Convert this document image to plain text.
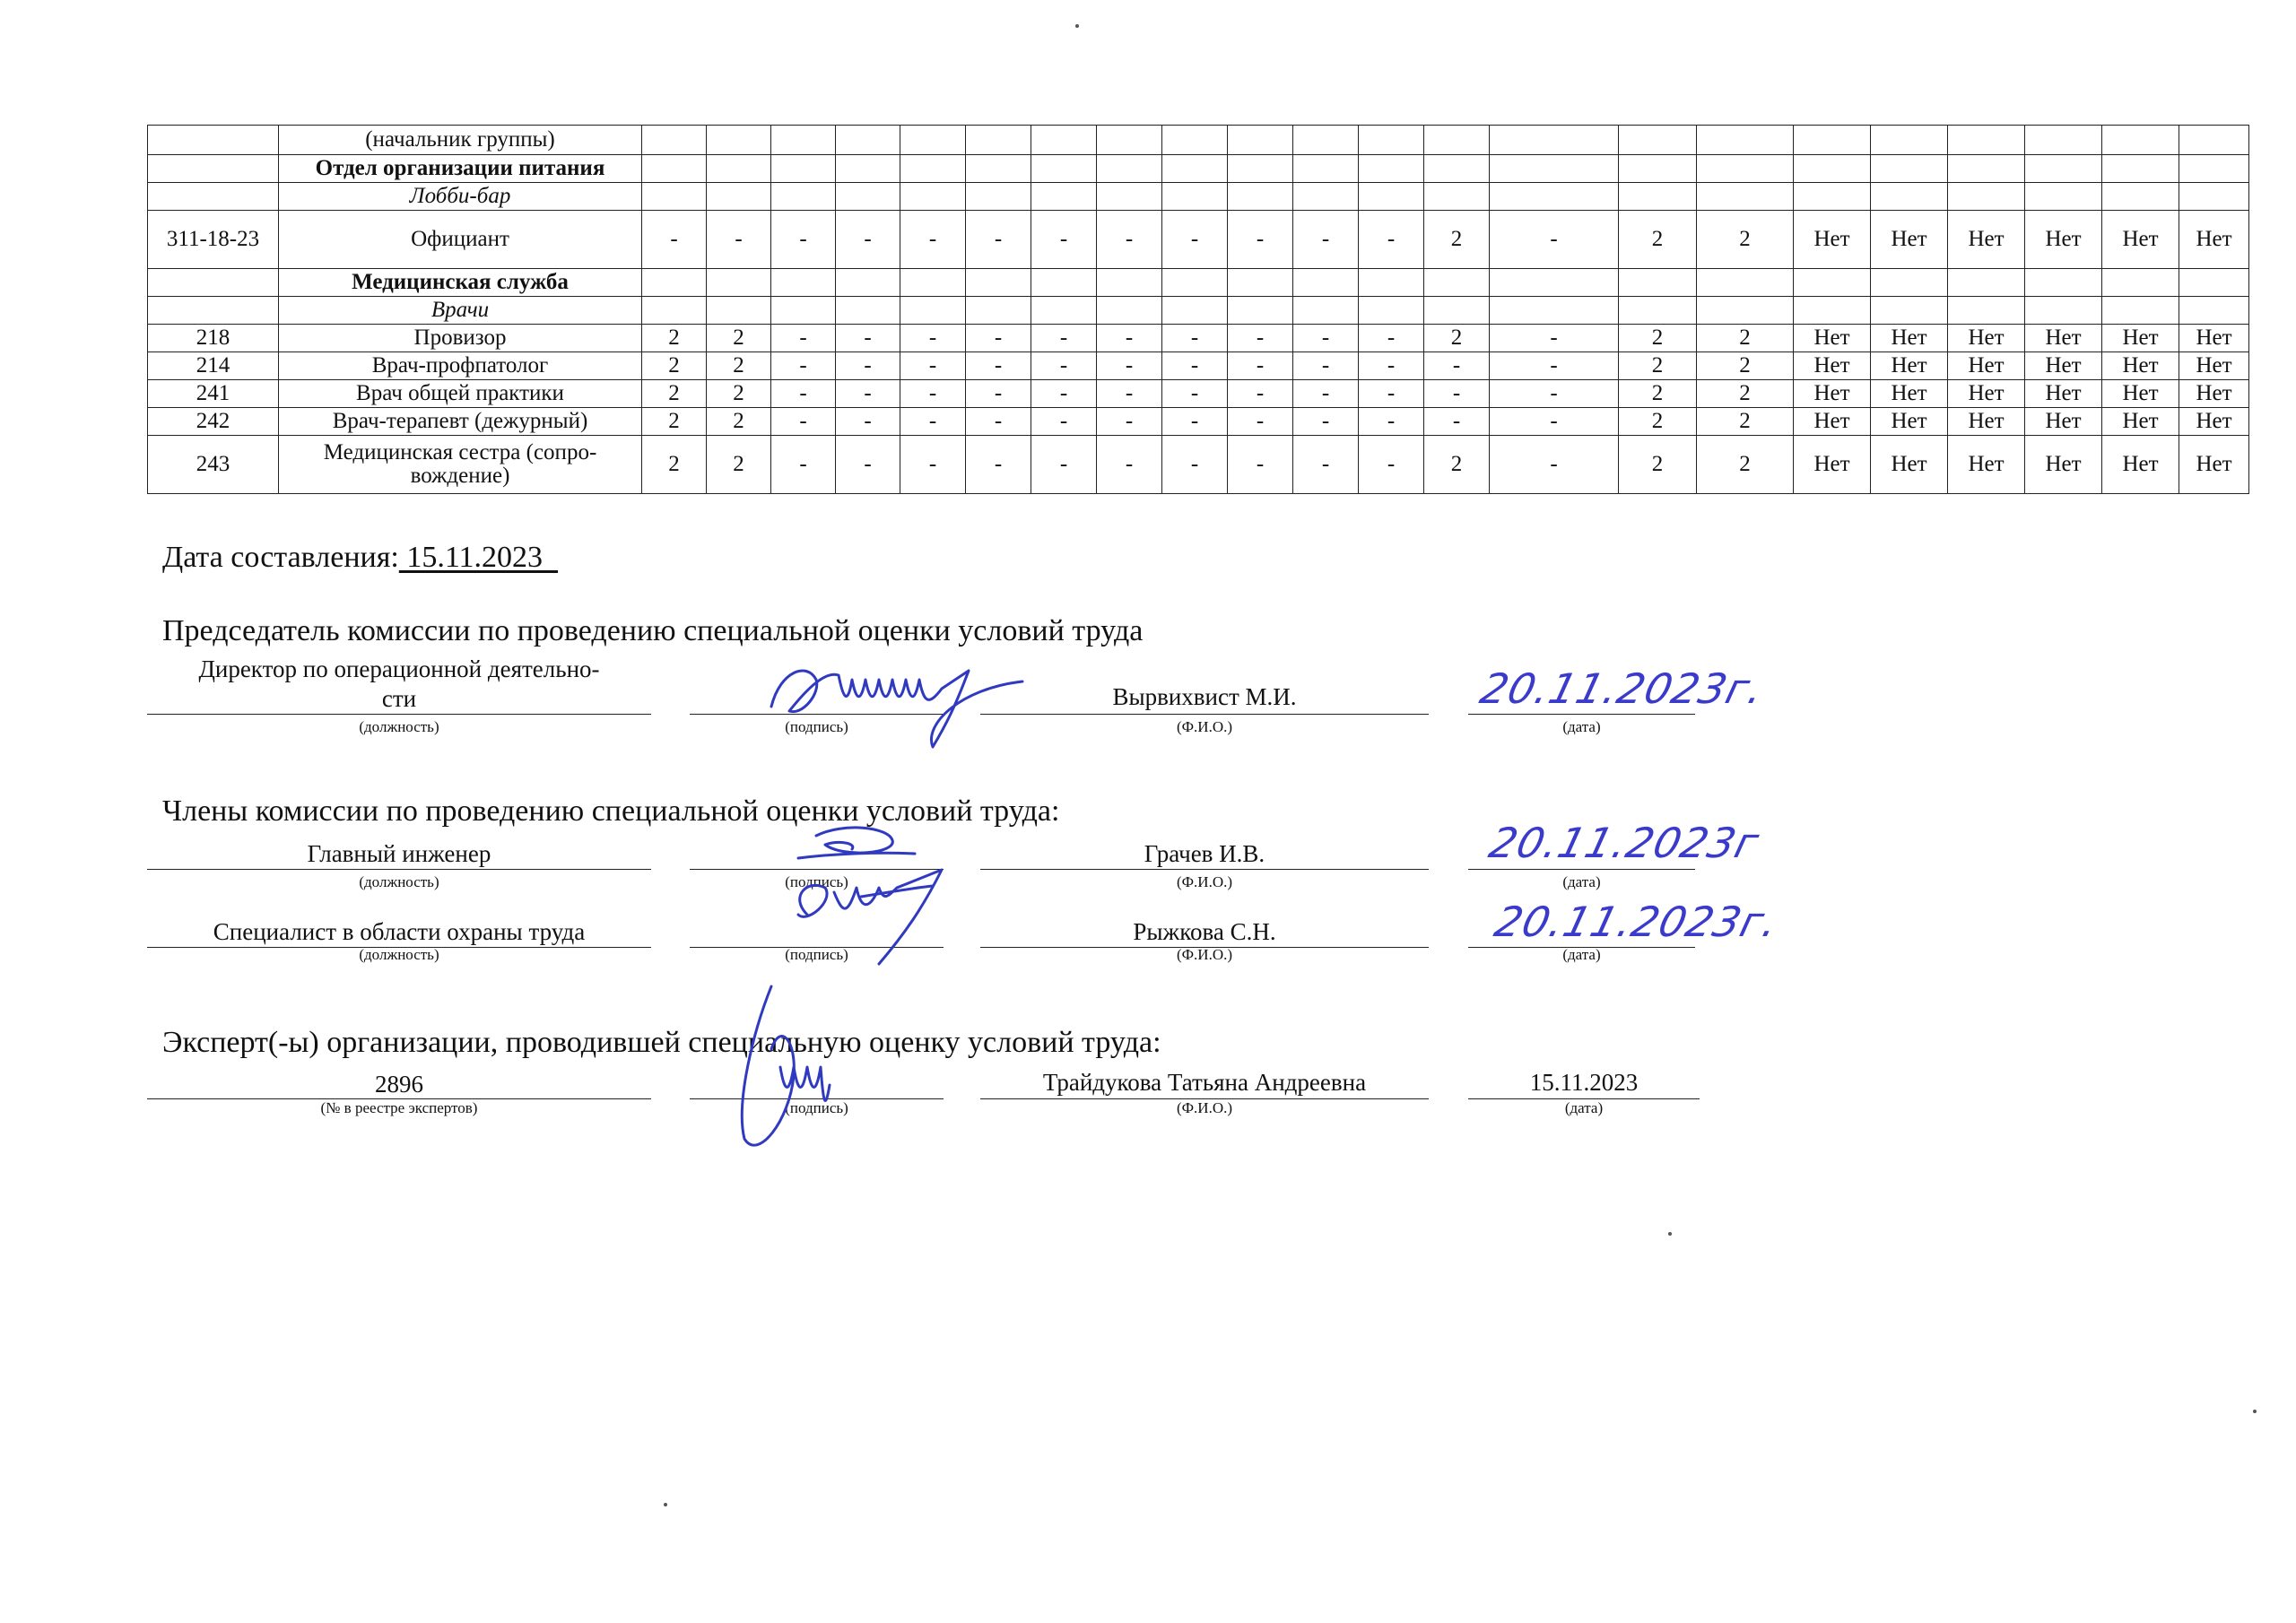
	(начальник группы)																						
	Отдел организации питания																						
	Лобби-бар																						
311-18-23	Официант	-	-	-	-	-	-	-	-	-	-	-	-	2	-	2	2	Нет	Нет	Нет	Нет	Нет	Нет
	Медицинская служба																						
	Врачи																						
218	Провизор	2	2	-	-	-	-	-	-	-	-	-	-	2	-	2	2	Нет	Нет	Нет	Нет	Нет	Нет
214	Врач-профпатолог	2	2	-	-	-	-	-	-	-	-	-	-	-	-	2	2	Нет	Нет	Нет	Нет	Нет	Нет
241	Врач общей практики	2	2	-	-	-	-	-	-	-	-	-	-	-	-	2	2	Нет	Нет	Нет	Нет	Нет	Нет
242	Врач-терапевт (дежурный)	2	2	-	-	-	-	-	-	-	-	-	-	-	-	2	2	Нет	Нет	Нет	Нет	Нет	Нет
243	Медицинская сестра (сопро-вождение)	2	2	-	-	-	-	-	-	-	-	-	-	2	-	2	2	Нет	Нет	Нет	Нет	Нет	Нет
Дата составления: 15.11.2023
Председатель комиссии по проведению специальной оценки условий труда
Директор по операционной деятельно-
сти	Вырвихвист М.И.	20.11.2023г.
(должность)	(подпись)	(Ф.И.О.)	(дата)
Члены комиссии по проведению специальной оценки условий труда:
Главный инженер	Грачев И.В.	20.11.2023г
(должность)	(подпись)	(Ф.И.О.)	(дата)
Специалист в области охраны труда	Рыжкова С.Н.	20.11.2023г.
(должность)	(подпись)	(Ф.И.О.)	(дата)
Эксперт(-ы) организации, проводившей специальную оценку условий труда:
2896	Трайдукова Татьяна Андреевна	15.11.2023
(№ в реестре экспертов)	(подпись)	(Ф.И.О.)	(дата)
